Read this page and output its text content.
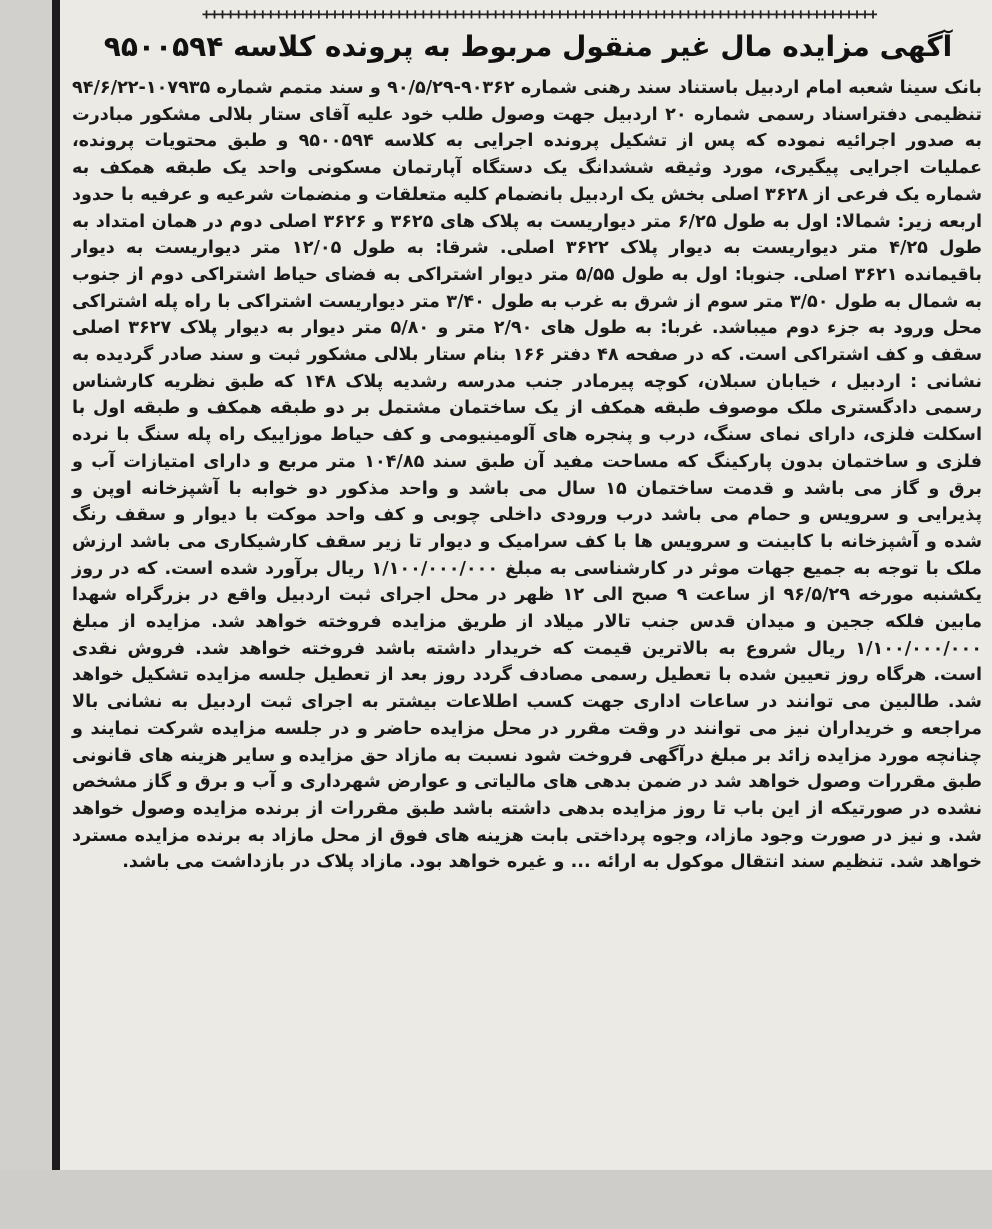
++++++++++++++++++++++++++++++++++++++++++++++++++++++++++++++++++++++++++++++++++++
آگهی مزایده مال غیر منقول مربوط به پرونده کلاسه ۹۵۰۰۵۹۴

بانک سینا شعبه امام اردبیل باستناد سند رهنی شماره ۹۰۳۶۲-۹۰/۵/۲۹ و سند متمم شماره ۱۰۷۹۳۵-۹۴/۶/۲۲ تنظیمی دفتراسناد رسمی شماره ۲۰ اردبیل جهت وصول طلب خود علیه آقای ستار بلالی مشکور مبادرت به صدور اجرائیه نموده که پس از تشکیل پرونده اجرایی به کلاسه ۹۵۰۰۵۹۴ و طبق محتویات پرونده، عملیات اجرایی پیگیری، مورد وثیقه ششدانگ یک دستگاه آپارتمان مسکونی واحد یک طبقه همکف به شماره یک فرعی از ۳۶۲۸ اصلی بخش یک اردبیل بانضمام کلیه متعلقات و منضمات شرعیه و عرفیه با حدود اربعه زیر: شمالا: اول به طول ۶/۲۵ متر دیواریست به پلاک های ۳۶۲۵ و ۳۶۲۶ اصلی دوم در همان امتداد به طول ۴/۲۵ متر دیواریست به دیوار پلاک ۳۶۲۲ اصلی. شرقا: به طول ۱۲/۰۵ متر دیواریست به دیوار باقیمانده ۳۶۲۱ اصلی. جنوبا: اول به طول ۵/۵۵ متر دیوار اشتراکی به فضای حیاط اشتراکی دوم از جنوب به شمال به طول ۳/۵۰ متر سوم از شرق به غرب به طول ۳/۴۰ متر دیواریست اشتراکی با راه پله اشتراکی محل ورود به جزء دوم میباشد. غربا: به طول های ۲/۹۰ متر و ۵/۸۰ متر دیوار به دیوار پلاک ۳۶۲۷ اصلی سقف و کف اشتراکی است. که در صفحه ۴۸ دفتر ۱۶۶ بنام ستار بلالی مشکور ثبت و سند صادر گردیده به نشانی : اردبیل ، خیابان سبلان، کوچه پیرمادر جنب مدرسه رشدیه پلاک ۱۴۸ که طبق نظریه کارشناس رسمی دادگستری ملک موصوف طبقه همکف از یک ساختمان مشتمل بر دو طبقه همکف و طبقه اول با اسکلت فلزی، دارای نمای سنگ، درب و پنجره های آلومینیومی و کف حیاط موزاییک راه پله سنگ با نرده فلزی و ساختمان بدون پارکینگ که مساحت مفید آن طبق سند ۱۰۴/۸۵ متر مربع و دارای امتیازات آب و برق و گاز می باشد و قدمت ساختمان ۱۵ سال می باشد و واحد مذکور دو خوابه با آشپزخانه اوپن و پذیرایی و سرویس و حمام می باشد درب ورودی داخلی چوبی و کف واحد موکت با دیوار و سقف رنگ شده و آشپزخانه با کابینت و سرویس ها با کف سرامیک و دیوار تا زیر سقف کارشیکاری می باشد ارزش ملک با توجه به جمیع جهات موثر در کارشناسی به مبلغ ۱/۱۰۰/۰۰۰/۰۰۰ ریال برآورد شده است. که در روز یکشنبه مورخه ۹۶/۵/۲۹ از ساعت ۹ صبح الی ۱۲ ظهر در محل اجرای ثبت اردبیل واقع در بزرگراه شهدا مابین فلکه ججین و میدان قدس جنب تالار میلاد از طریق مزایده فروخته خواهد شد. مزایده از مبلغ ۱/۱۰۰/۰۰۰/۰۰۰ ریال شروع به بالاترین قیمت که خریدار داشته باشد فروخته خواهد شد. فروش نقدی است. هرگاه روز تعیین شده با تعطیل رسمی مصادف گردد روز بعد از تعطیل جلسه مزایده تشکیل خواهد شد. طالبین می توانند در ساعات اداری جهت کسب اطلاعات بیشتر به اجرای ثبت اردبیل به نشانی بالا مراجعه و خریداران نیز می توانند در وقت مقرر در محل مزایده حاضر و در جلسه مزایده شرکت نمایند و چنانچه مورد مزایده زائد بر مبلغ درآگهی فروخت شود نسبت به مازاد حق مزایده و سایر هزینه های قانونی طبق مقررات وصول خواهد شد در ضمن بدهی های مالیاتی و عوارض شهرداری و آب و برق و گاز مشخص نشده در صورتیکه از این باب تا روز مزایده بدهی داشته باشد طبق مقررات از برنده مزایده وصول خواهد شد. و نیز در صورت وجود مازاد، وجوه پرداختی بابت هزینه های فوق از محل مازاد به برنده مزایده مسترد خواهد شد. تنظیم سند انتقال موکول به ارائه ... و غیره خواهد بود. مازاد پلاک در بازداشت می باشد.
